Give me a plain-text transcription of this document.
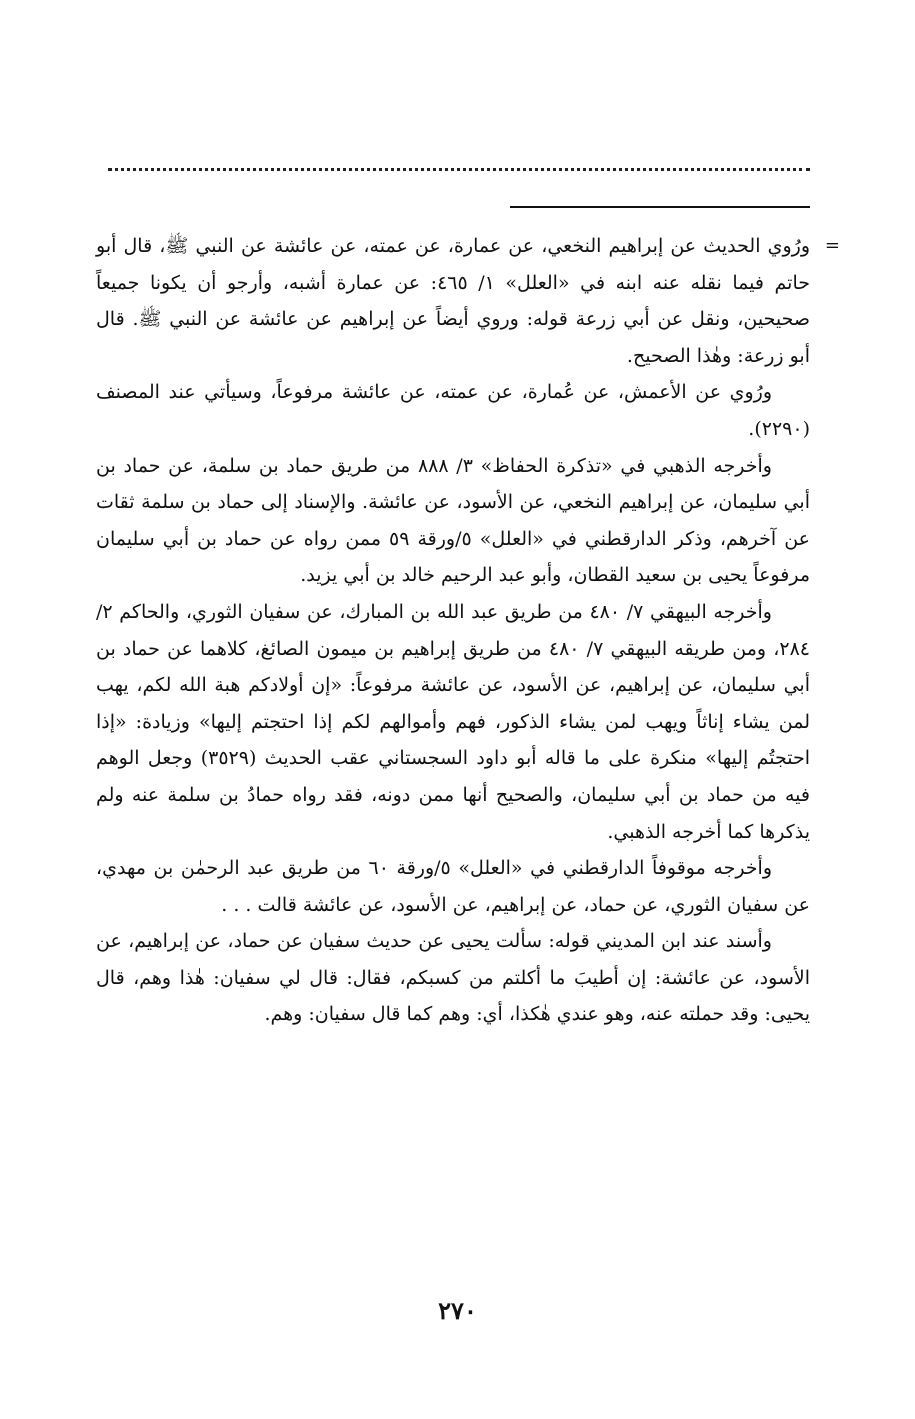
=
ورُوي الحديث عن إبراهيم النخعي، عن عمارة، عن عمته، عن عائشة عن النبي ﷺ، قال أبو حاتم فيما نقله عنه ابنه في «العلل» ١/ ٤٦٥: عن عمارة أشبه، وأرجو أن يكونا جميعاً صحيحين، ونقل عن أبي زرعة قوله: وروي أيضاً عن إبراهيم عن عائشة عن النبي ﷺ. قال أبو زرعة: وهٰذا الصحيح.

ورُوي عن الأعمش، عن عُمارة، عن عمته، عن عائشة مرفوعاً، وسيأتي عند المصنف (٢٢٩٠).

وأخرجه الذهبي في «تذكرة الحفاظ» ٣/ ٨٨٨ من طريق حماد بن سلمة، عن حماد بن أبي سليمان، عن إبراهيم النخعي، عن الأسود، عن عائشة. والإسناد إلى حماد بن سلمة ثقات عن آخرهم، وذكر الدارقطني في «العلل» ٥/ورقة ٥٩ ممن رواه عن حماد بن أبي سليمان مرفوعاً يحيى بن سعيد القطان، وأبو عبد الرحيم خالد بن أبي يزيد.

وأخرجه البيهقي ٧/ ٤٨٠ من طريق عبد الله بن المبارك، عن سفيان الثوري، والحاكم ٢/ ٢٨٤، ومن طريقه البيهقي ٧/ ٤٨٠ من طريق إبراهيم بن ميمون الصائغ، كلاهما عن حماد بن أبي سليمان، عن إبراهيم، عن الأسود، عن عائشة مرفوعاً: «إن أولادكم هبة الله لكم، يهب لمن يشاء إناثاً ويهب لمن يشاء الذكور، فهم وأموالهم لكم إذا احتجتم إليها» وزيادة: «إذا احتجتُم إليها» منكرة على ما قاله أبو داود السجستاني عقب الحديث (٣٥٢٩) وجعل الوهم فيه من حماد بن أبي سليمان، والصحيح أنها ممن دونه، فقد رواه حمادُ بن سلمة عنه ولم يذكرها كما أخرجه الذهبي.

وأخرجه موقوفاً الدارقطني في «العلل» ٥/ورقة ٦٠ من طريق عبد الرحمٰن بن مهدي، عن سفيان الثوري، عن حماد، عن إبراهيم، عن الأسود، عن عائشة قالت . . .

وأسند عند ابن المديني قوله: سألت يحيى عن حديث سفيان عن حماد، عن إبراهيم، عن الأسود، عن عائشة: إن أطيبَ ما أكلتم من كسبكم، فقال: قال لي سفيان: هٰذا وهم، قال يحيى: وقد حملته عنه، وهو عندي هٰكذا، أي: وهم كما قال سفيان: وهم.

٢٧٠
